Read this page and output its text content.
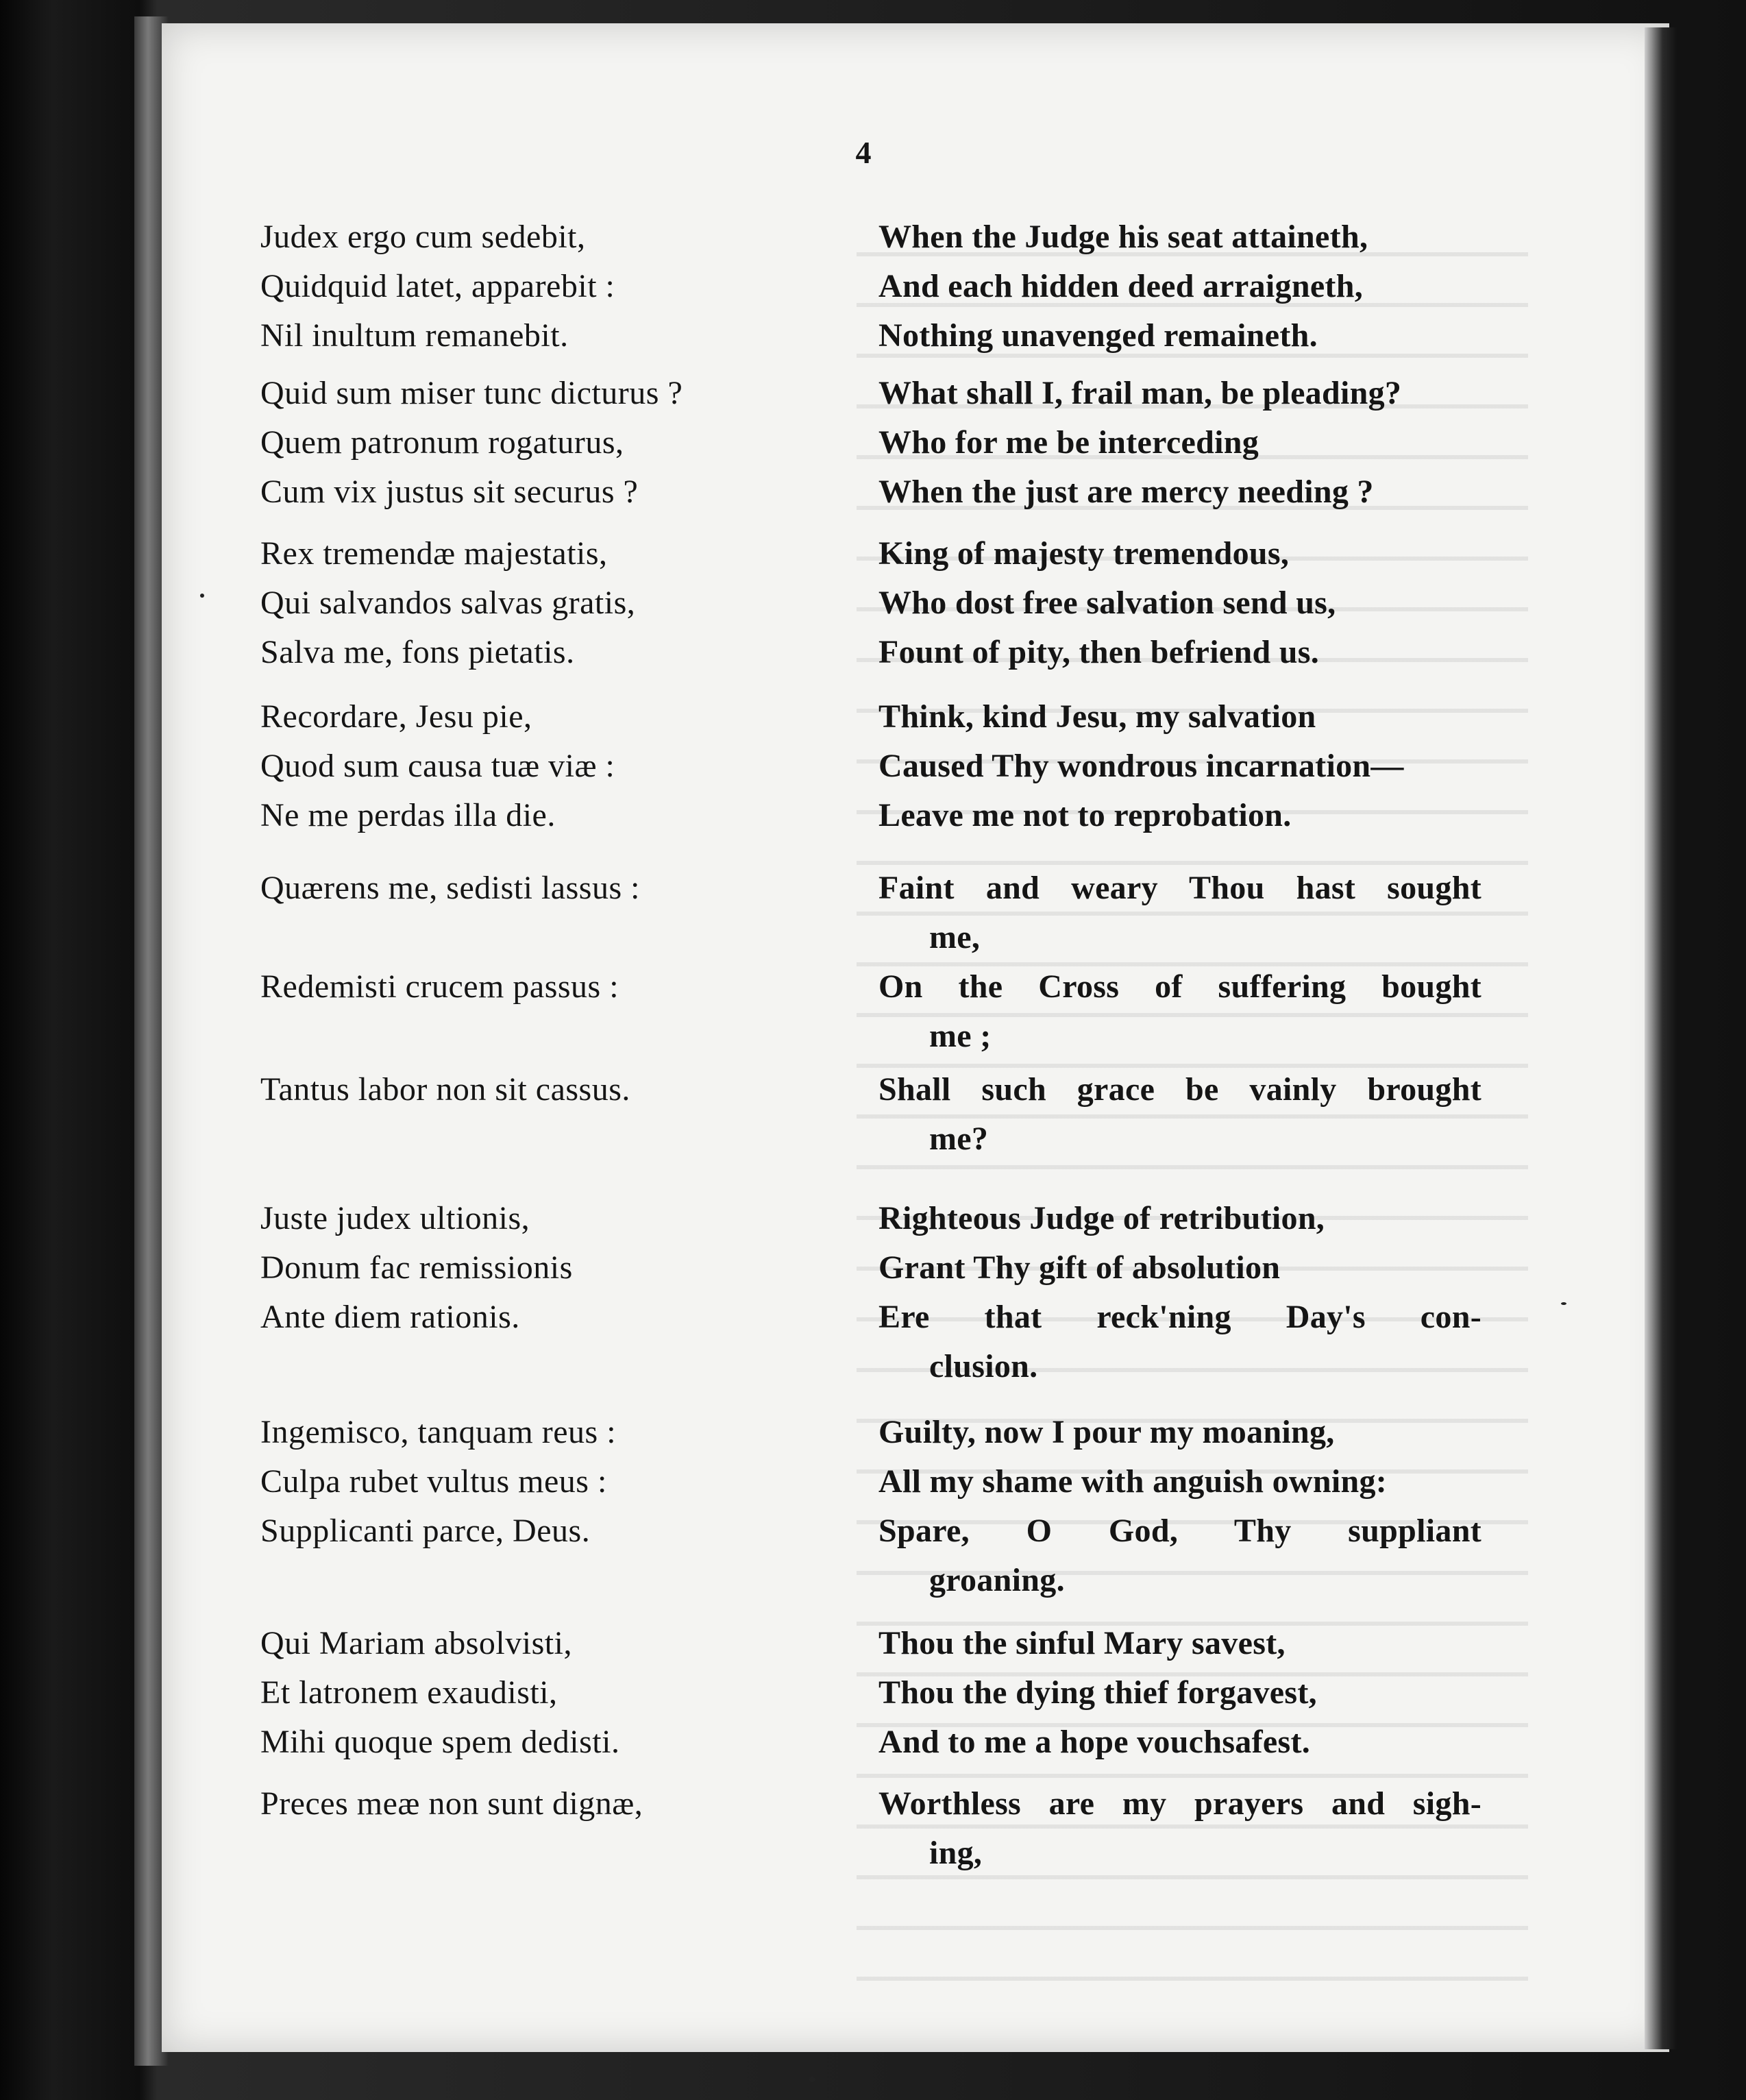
4
Judex ergo cum sedebit,
Quidquid latet, apparebit :
Nil inultum remanebit.
Quid sum miser tunc dicturus ?
Quem patronum rogaturus,
Cum vix justus sit securus ?
Rex tremendæ majestatis,
Qui salvandos salvas gratis,
Salva me, fons pietatis.
Recordare, Jesu pie,
Quod sum causa tuæ viæ :
Ne me perdas illa die.
Quærens me, sedisti lassus :
Redemisti crucem passus :
Tantus labor non sit cassus.
Juste judex ultionis,
Donum fac remissionis
Ante diem rationis.
Ingemisco, tanquam reus :
Culpa rubet vultus meus :
Supplicanti parce, Deus.
Qui Mariam absolvisti,
Et latronem exaudisti,
Mihi quoque spem dedisti.
Preces meæ non sunt dignæ,
When the Judge his seat attaineth,
And each hidden deed arraigneth,
Nothing unavenged remaineth.
What shall I, frail man, be pleading?
Who for me be interceding
When the just are mercy needing ?
King of majesty tremendous,
Who dost free salvation send us,
Fount of pity, then befriend us.
Think, kind Jesu, my salvation
Caused Thy wondrous incarnation—
Leave me not to reprobation.
Faint and weary Thou hast sought
me,
On the Cross of suffering bought
me ;
Shall such grace be vainly brought
me?
Righteous Judge of retribution,
Grant Thy gift of absolution
Ere that reck'ning Day's con-
clusion.
Guilty, now I pour my moaning,
All my shame with anguish owning:
Spare, O God, Thy suppliant
groaning.
Thou the sinful Mary savest,
Thou the dying thief forgavest,
And to me a hope vouchsafest.
Worthless are my prayers and sigh-
ing,
